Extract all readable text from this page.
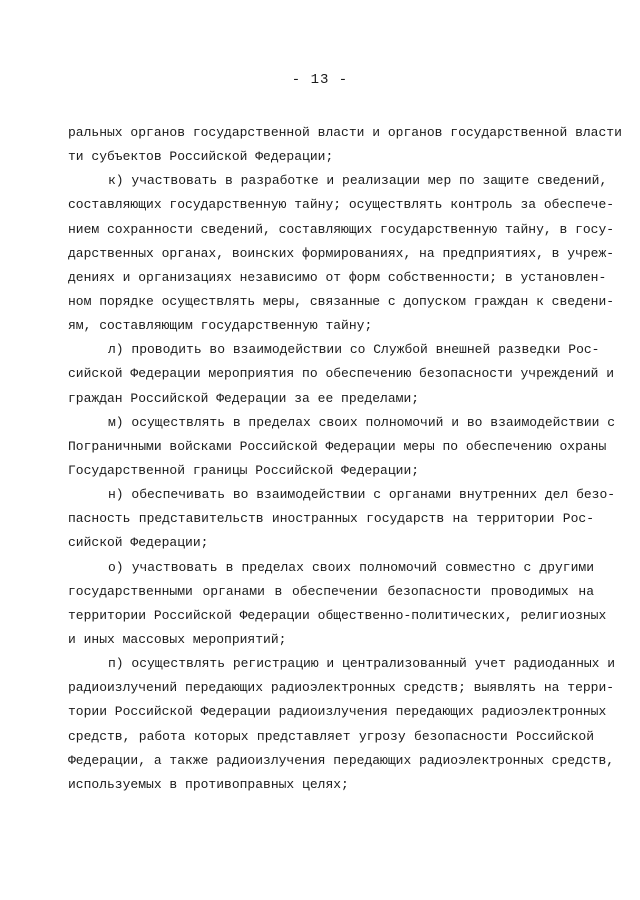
- 13 -
ральных органов государственной власти и органов государственной власти
ти субъектов Российской Федерации;
к) участвовать в разработке и реализации мер по защите сведений,
составляющих государственную тайну; осуществлять контроль за обеспече-
нием сохранности сведений, составляющих государственную тайну, в госу-
дарственных органах, воинских формированиях, на предприятиях, в учреж-
дениях и организациях независимо от форм собственности; в установлен-
ном порядке осуществлять меры, связанные с допуском граждан к сведени-
ям, составляющим государственную тайну;
л) проводить во взаимодействии со Службой внешней разведки Рос-
сийской Федерации мероприятия по обеспечению безопасности учреждений и
граждан Российской Федерации за ее пределами;
м) осуществлять в пределах своих полномочий и во взаимодействии с
Пограничными войсками Российской Федерации меры по обеспечению охраны
Государственной границы Российской Федерации;
н) обеспечивать во взаимодействии с органами внутренних дел безо-
пасность представительств иностранных государств на территории Рос-
сийской Федерации;
о) участвовать в пределах своих полномочий совместно с другими
государственными органами в обеспечении безопасности проводимых на
территории Российской Федерации общественно-политических, религиозных
и иных массовых мероприятий;
п) осуществлять регистрацию и централизованный учет радиоданных и
радиоизлучений передающих радиоэлектронных средств; выявлять на терри-
тории Российской Федерации радиоизлучения передающих радиоэлектронных
средств, работа которых представляет угрозу безопасности Российской
Федерации, а также радиоизлучения передающих радиоэлектронных средств,
используемых в противоправных целях;
